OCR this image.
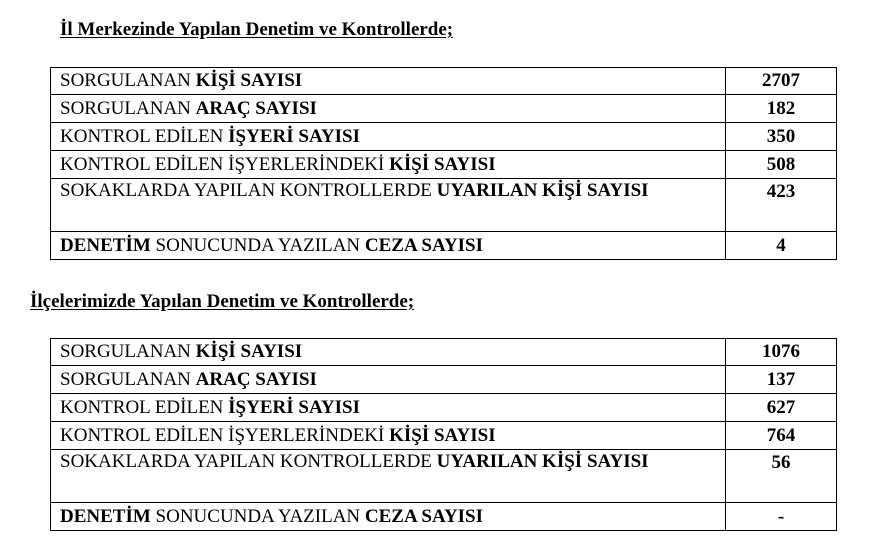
İl Merkezinde Yapılan Denetim ve Kontrollerde;
SORGULANAN KİŞİ SAYISI	2707
SORGULANAN ARAÇ SAYISI	182
KONTROL EDİLEN İŞYERİ SAYISI	350
KONTROL EDİLEN İŞYERLERİNDEKİ KİŞİ SAYISI	508
SOKAKLARDA YAPILAN KONTROLLERDE UYARILAN KİŞİ SAYISI	423
DENETİM SONUCUNDA YAZILAN CEZA SAYISI	4
İlçelerimizde Yapılan Denetim ve Kontrollerde;
SORGULANAN KİŞİ SAYISI	1076
SORGULANAN ARAÇ SAYISI	137
KONTROL EDİLEN İŞYERİ SAYISI	627
KONTROL EDİLEN İŞYERLERİNDEKİ KİŞİ SAYISI	764
SOKAKLARDA YAPILAN KONTROLLERDE UYARILAN KİŞİ SAYISI	56
DENETİM SONUCUNDA YAZILAN CEZA SAYISI	-
